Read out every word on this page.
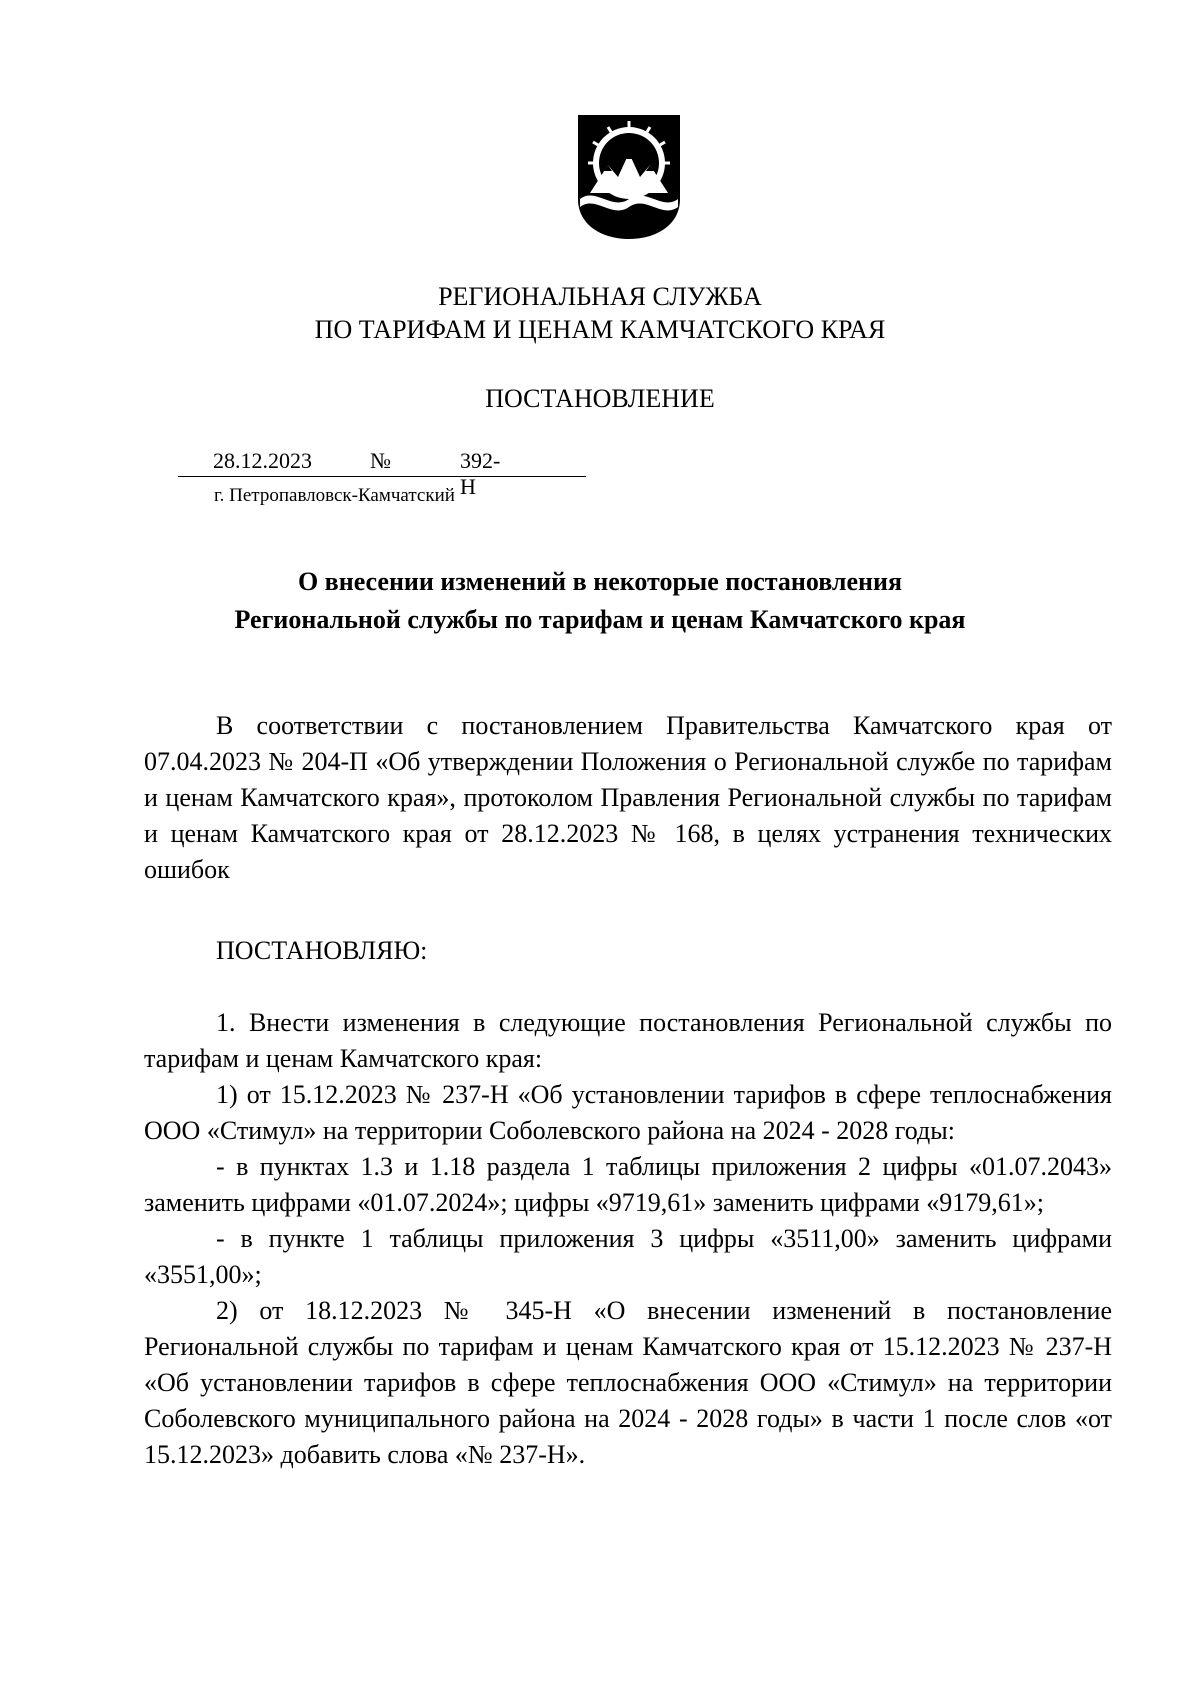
РЕГИОНАЛЬНАЯ СЛУЖБА
ПО ТАРИФАМ И ЦЕНАМ КАМЧАТСКОГО КРАЯ
ПОСТАНОВЛЕНИЕ
28.12.2023	№	392-Н
г. Петропавловск-Камчатский
О внесении изменений в некоторые постановления
Региональной службы по тарифам и ценам Камчатского края

В соответствии с постановлением Правительства Камчатского края от 07.04.2023 № 204-П «Об утверждении Положения о Региональной службе по тарифам и ценам Камчатского края», протоколом Правления Региональной службы по тарифам и ценам Камчатского края от 28.12.2023 № 168, в целях устранения технических ошибок

ПОСТАНОВЛЯЮ:

1. Внести изменения в следующие постановления Региональной службы по тарифам и ценам Камчатского края:

1) от 15.12.2023 № 237-Н «Об установлении тарифов в сфере теплоснабжения ООО «Стимул» на территории Соболевского района на 2024 - 2028 годы:

- в пунктах 1.3 и 1.18 раздела 1 таблицы приложения 2 цифры «01.07.2043» заменить цифрами «01.07.2024»; цифры «9719,61» заменить цифрами «9179,61»;

- в пункте 1 таблицы приложения 3 цифры «3511,00» заменить цифрами «3551,00»;

2) от 18.12.2023 № 345-Н «О внесении изменений в постановление Региональной службы по тарифам и ценам Камчатского края от 15.12.2023 № 237-Н «Об установлении тарифов в сфере теплоснабжения ООО «Стимул» на территории Соболевского муниципального района на 2024 - 2028 годы» в части 1 после слов «от 15.12.2023» добавить слова «№ 237-Н».
